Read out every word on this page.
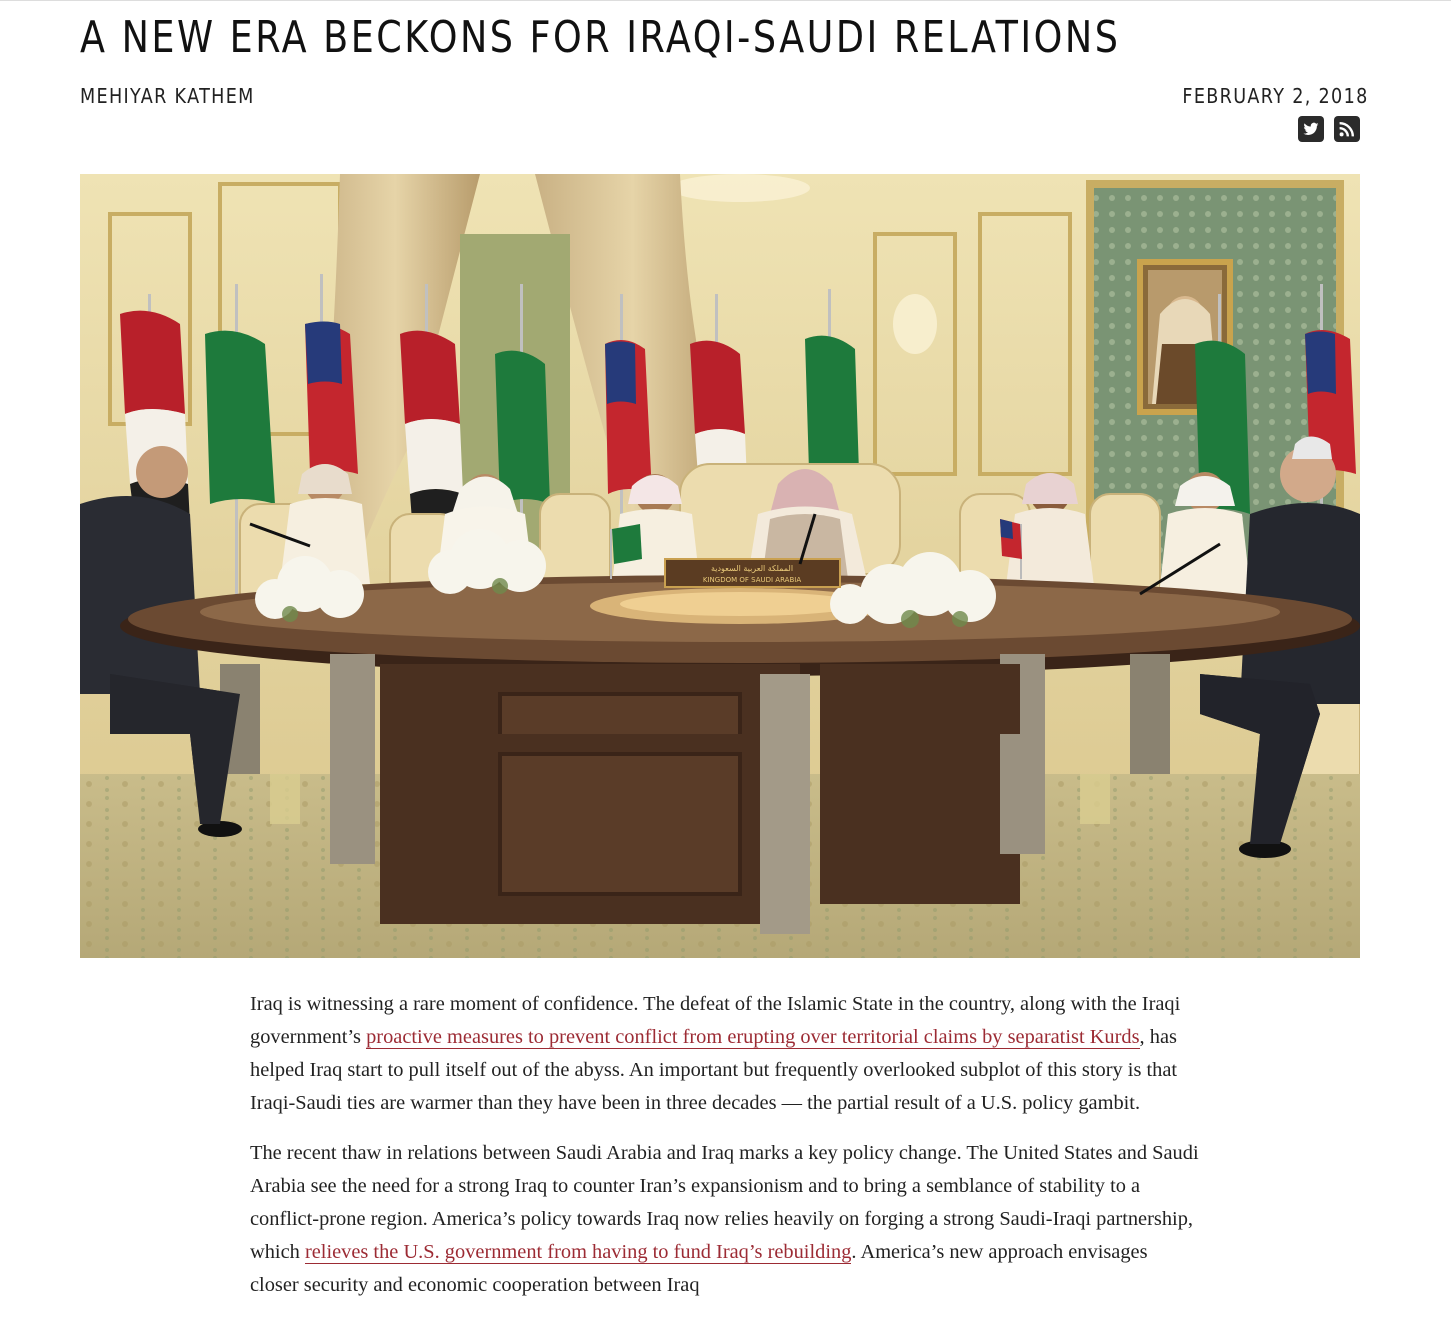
A NEW ERA BECKONS FOR IRAQI-SAUDI RELATIONS
MEHIYAR KATHEM	FEBRUARY 2, 2018
المملكة العربية السعودية
KINGDOM OF SAUDI ARABIA

Iraq is witnessing a rare moment of confidence. The defeat of the Islamic State in the country, along with the Iraqi government’s proactive measures to prevent conflict from erupting over territorial claims by separatist Kurds, has helped Iraq start to pull itself out of the abyss. An important but frequently overlooked subplot of this story is that Iraqi-Saudi ties are warmer than they have been in three decades — the partial result of a U.S. policy gambit.

The recent thaw in relations between Saudi Arabia and Iraq marks a key policy change. The United States and Saudi Arabia see the need for a strong Iraq to counter Iran’s expansionism and to bring a semblance of stability to a conflict-prone region. America’s policy towards Iraq now relies heavily on forging a strong Saudi-Iraqi partnership, which relieves the U.S. government from having to fund Iraq’s rebuilding. America’s new approach envisages closer security and economic cooperation between Iraq
